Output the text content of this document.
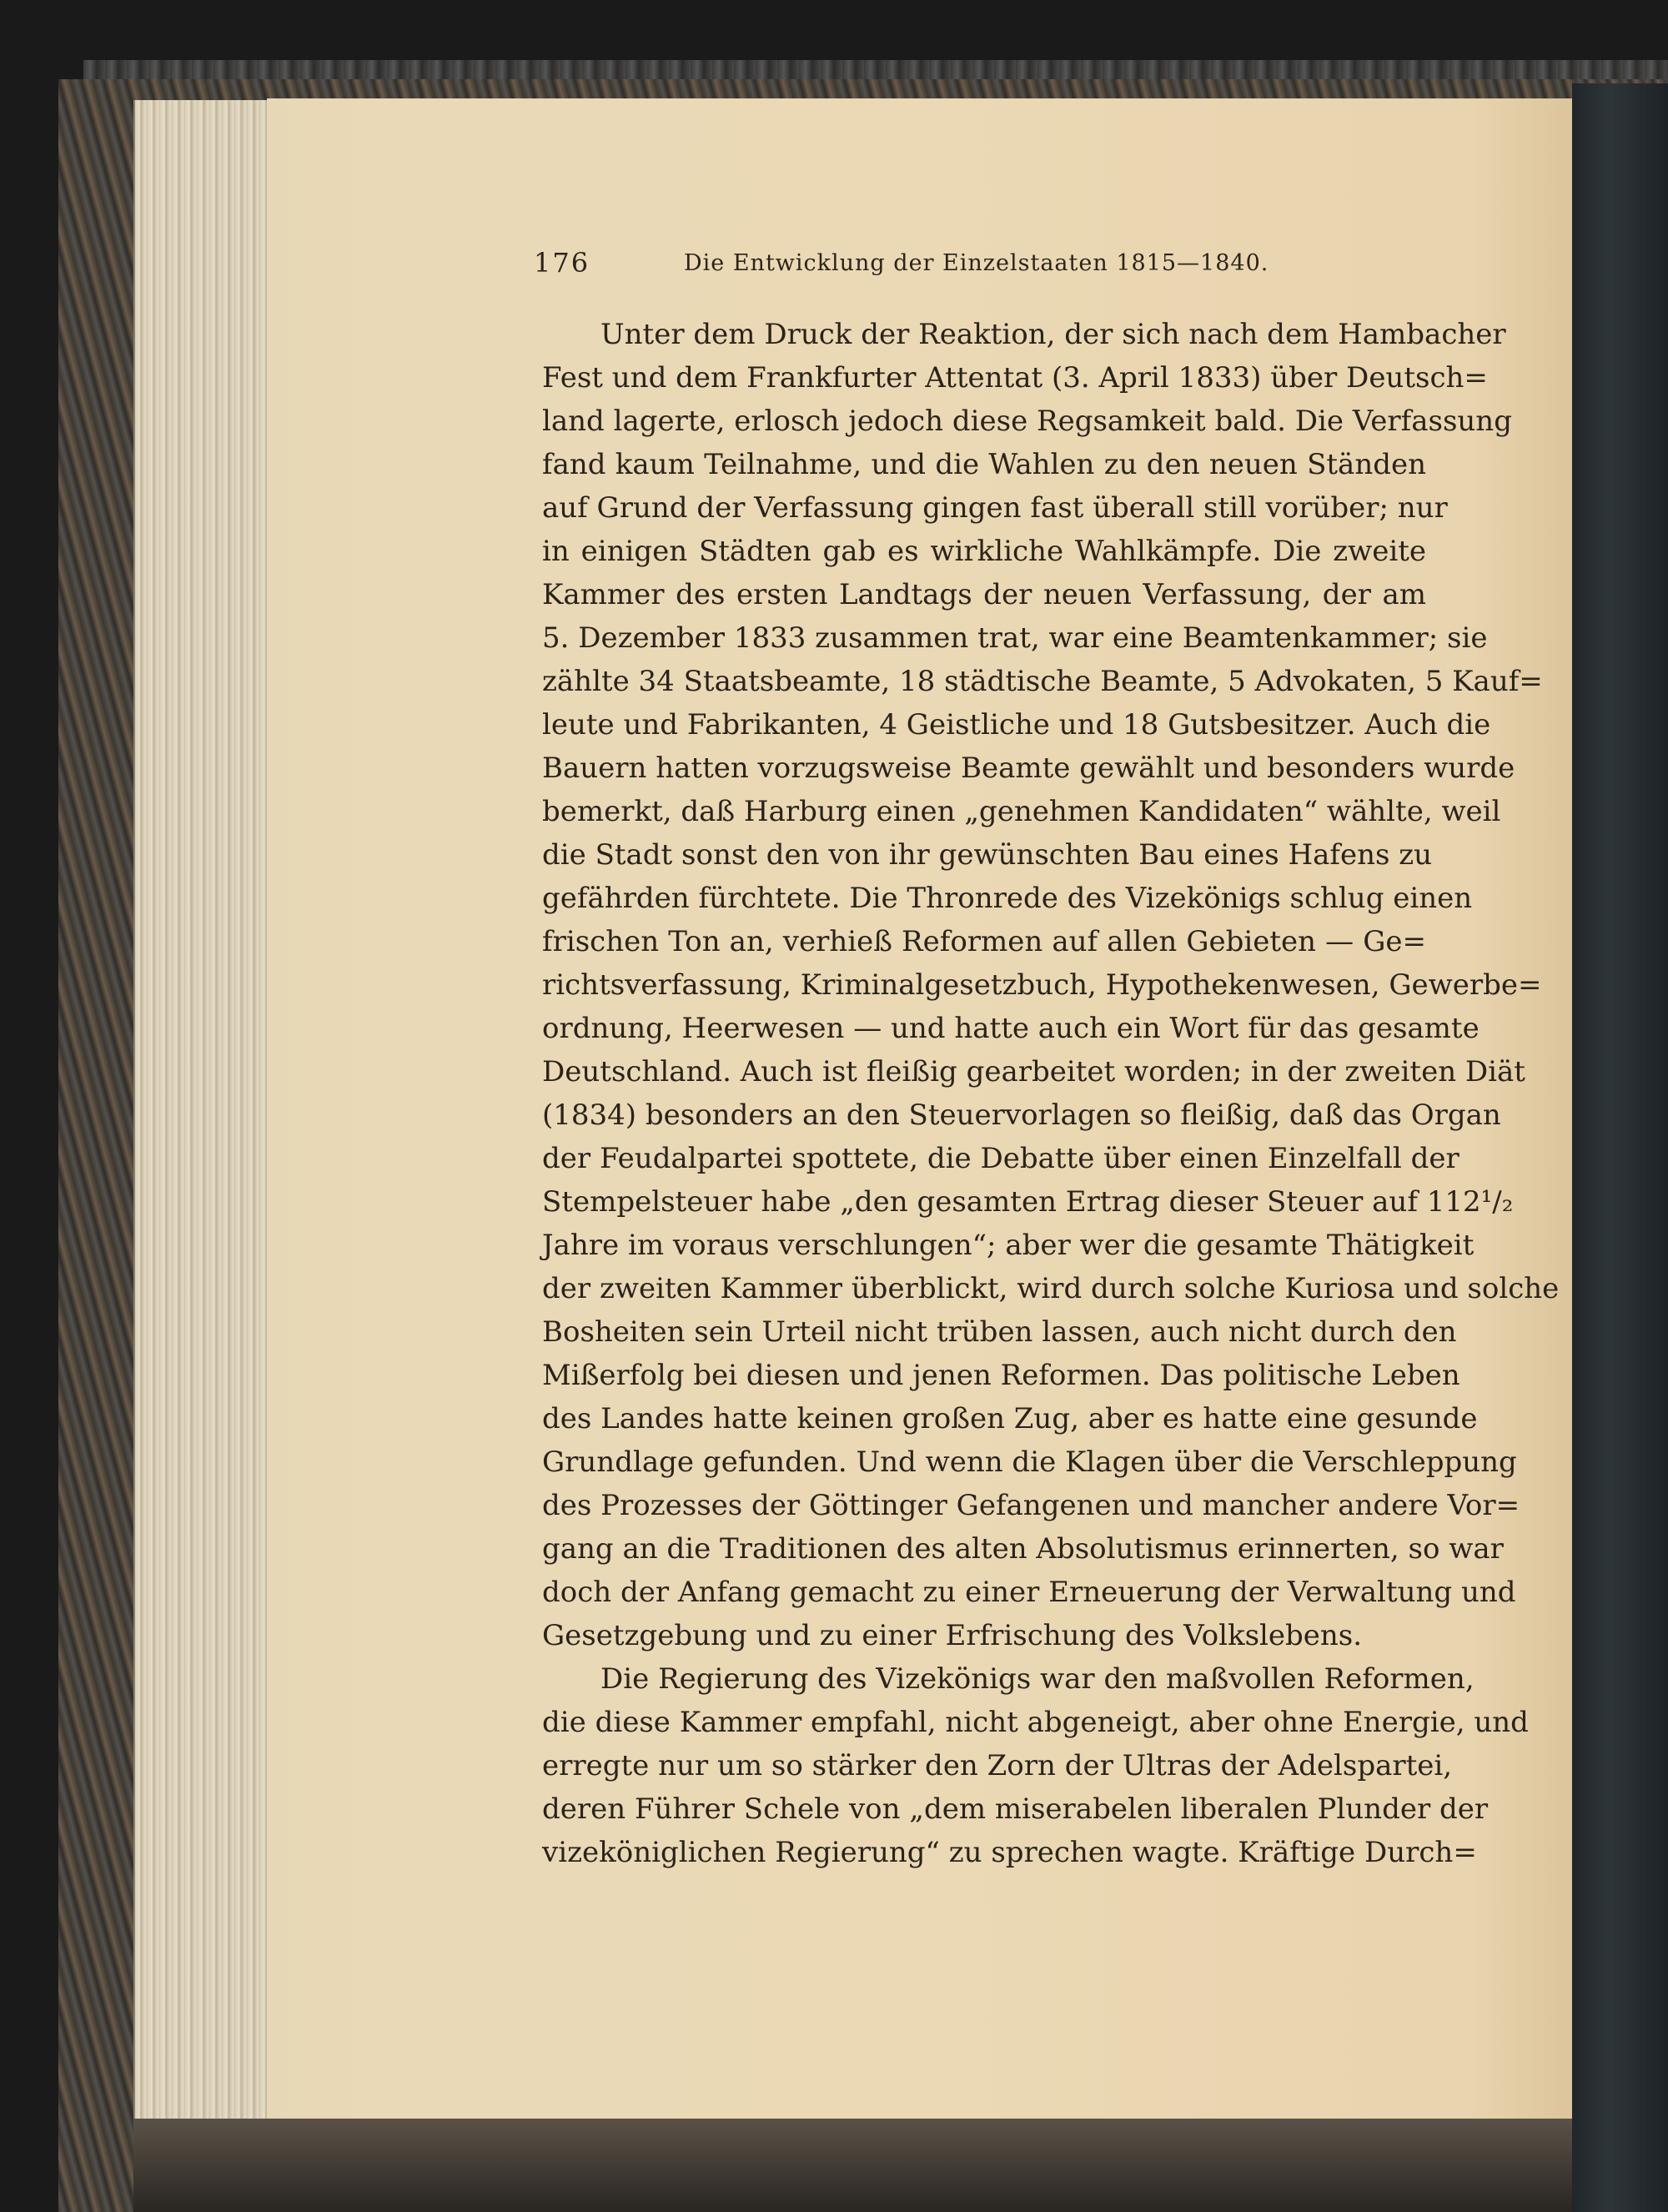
176	Die Entwicklung der Einzelstaaten 1815—1840.
Unter dem Druck der Reaktion, der sich nach dem Hambacher
Fest und dem Frankfurter Attentat (3. April 1833) über Deutsch=
land lagerte, erlosch jedoch diese Regsamkeit bald. Die Verfassung
fand kaum Teilnahme, und die Wahlen zu den neuen Ständen
auf Grund der Verfassung gingen fast überall still vorüber; nur
in einigen Städten gab es wirkliche Wahlkämpfe. Die zweite
Kammer des ersten Landtags der neuen Verfassung, der am
5. Dezember 1833 zusammen trat, war eine Beamtenkammer; sie
zählte 34 Staatsbeamte, 18 städtische Beamte, 5 Advokaten, 5 Kauf=
leute und Fabrikanten, 4 Geistliche und 18 Gutsbesitzer. Auch die
Bauern hatten vorzugsweise Beamte gewählt und besonders wurde
bemerkt, daß Harburg einen „genehmen Kandidaten“ wählte, weil
die Stadt sonst den von ihr gewünschten Bau eines Hafens zu
gefährden fürchtete. Die Thronrede des Vizekönigs schlug einen
frischen Ton an, verhieß Reformen auf allen Gebieten — Ge=
richtsverfassung, Kriminalgesetzbuch, Hypothekenwesen, Gewerbe=
ordnung, Heerwesen — und hatte auch ein Wort für das gesamte
Deutschland. Auch ist fleißig gearbeitet worden; in der zweiten Diät
(1834) besonders an den Steuervorlagen so fleißig, daß das Organ
der Feudalpartei spottete, die Debatte über einen Einzelfall der
Stempelsteuer habe „den gesamten Ertrag dieser Steuer auf 112¹/₂
Jahre im voraus verschlungen“; aber wer die gesamte Thätigkeit
der zweiten Kammer überblickt, wird durch solche Kuriosa und solche
Bosheiten sein Urteil nicht trüben lassen, auch nicht durch den
Mißerfolg bei diesen und jenen Reformen. Das politische Leben
des Landes hatte keinen großen Zug, aber es hatte eine gesunde
Grundlage gefunden. Und wenn die Klagen über die Verschleppung
des Prozesses der Göttinger Gefangenen und mancher andere Vor=
gang an die Traditionen des alten Absolutismus erinnerten, so war
doch der Anfang gemacht zu einer Erneuerung der Verwaltung und
Gesetzgebung und zu einer Erfrischung des Volkslebens.
Die Regierung des Vizekönigs war den maßvollen Reformen,
die diese Kammer empfahl, nicht abgeneigt, aber ohne Energie, und
erregte nur um so stärker den Zorn der Ultras der Adelspartei,
deren Führer Schele von „dem miserabelen liberalen Plunder der
vizeköniglichen Regierung“ zu sprechen wagte. Kräftige Durch=
